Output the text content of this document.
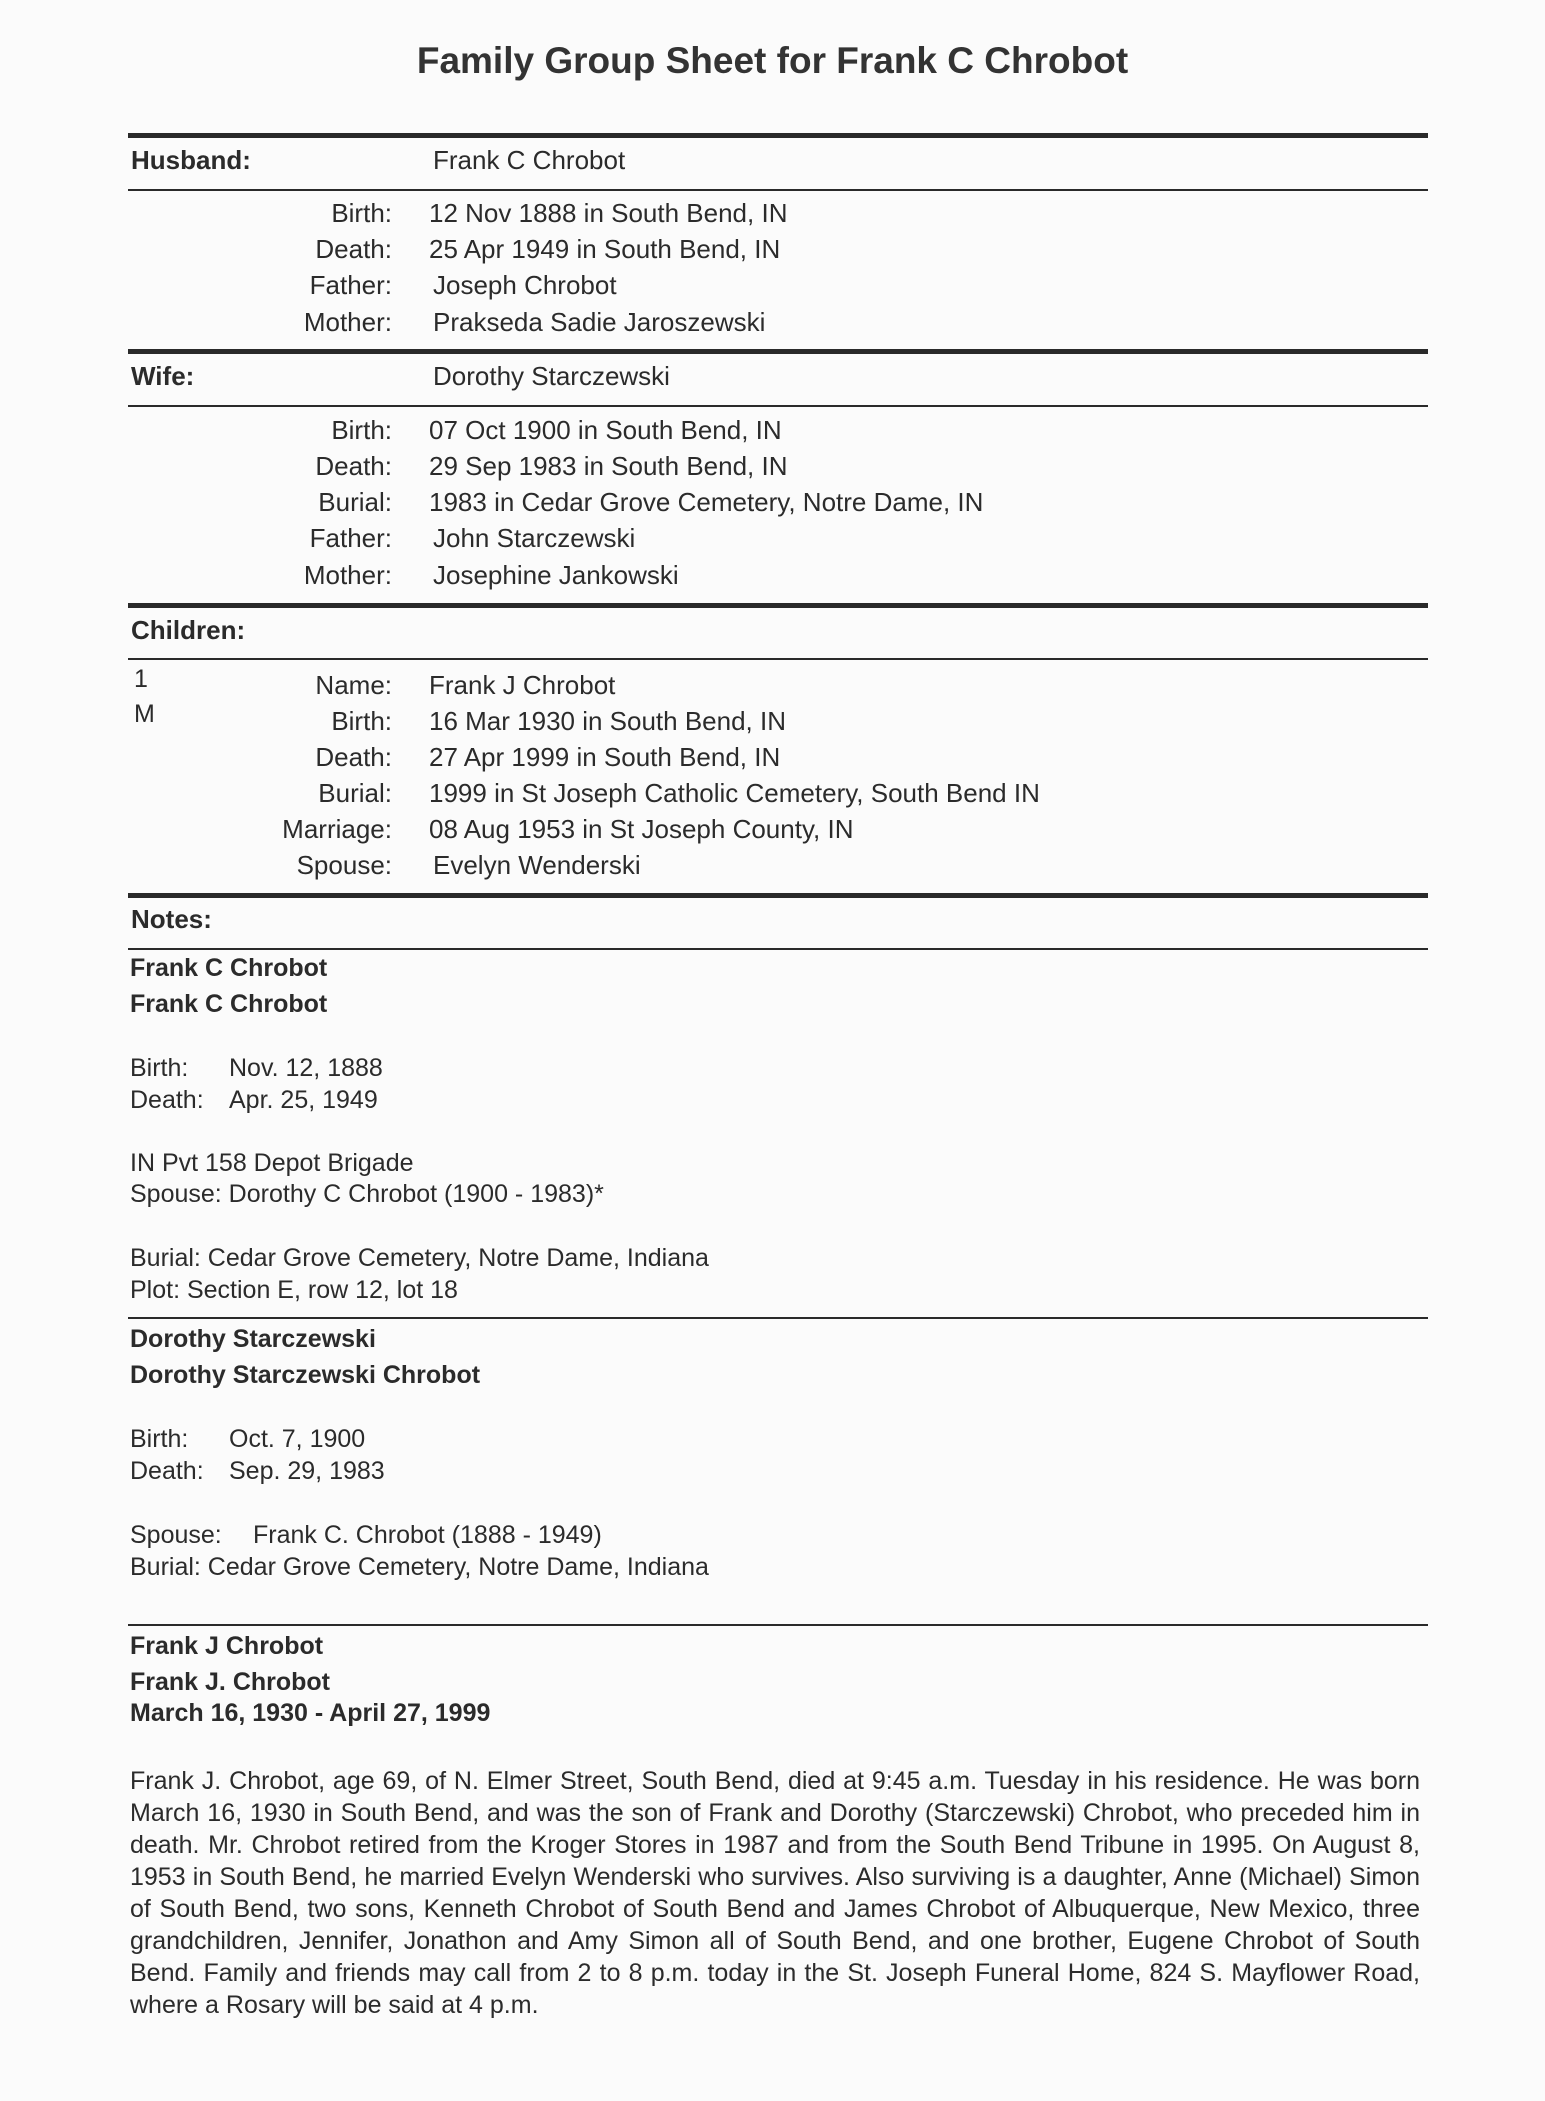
Family Group Sheet for Frank C Chrobot
Husband:	Frank C Chrobot
Birth: 12 Nov 1888 in South Bend, IN
Death: 25 Apr 1949 in South Bend, IN
Father: Joseph Chrobot
Mother: Prakseda Sadie Jaroszewski
Wife:	Dorothy Starczewski
Birth: 07 Oct 1900 in South Bend, IN
Death: 29 Sep 1983 in South Bend, IN
Burial: 1983 in Cedar Grove Cemetery, Notre Dame, IN
Father: John Starczewski
Mother: Josephine Jankowski
Children:
1
M
Name: Frank J Chrobot
Birth: 16 Mar 1930 in South Bend, IN
Death: 27 Apr 1999 in South Bend, IN
Burial: 1999 in St Joseph Catholic Cemetery, South Bend IN
Marriage: 08 Aug 1953 in St Joseph County, IN
Spouse: Evelyn Wenderski
Notes:
Frank C Chrobot
Frank C Chrobot
Birth: Nov. 12, 1888
Death: Apr. 25, 1949
IN Pvt 158 Depot Brigade
Spouse: Dorothy C Chrobot (1900 - 1983)*
Burial: Cedar Grove Cemetery, Notre Dame, Indiana
Plot: Section E, row 12, lot 18
Dorothy Starczewski
Dorothy Starczewski Chrobot
Birth: Oct. 7, 1900
Death: Sep. 29, 1983
Spouse: Frank C. Chrobot (1888 - 1949)
Burial: Cedar Grove Cemetery, Notre Dame, Indiana
Frank J Chrobot
Frank J. Chrobot
March 16, 1930 - April 27, 1999
Frank J. Chrobot, age 69, of N. Elmer Street, South Bend, died at 9:45 a.m. Tuesday in his residence. He was born March 16, 1930 in South Bend, and was the son of Frank and Dorothy (Starczewski) Chrobot, who preceded him in death. Mr. Chrobot retired from the Kroger Stores in 1987 and from the South Bend Tribune in 1995. On August 8, 1953 in South Bend, he married Evelyn Wenderski who survives. Also surviving is a daughter, Anne (Michael) Simon of South Bend, two sons, Kenneth Chrobot of South Bend and James Chrobot of Albuquerque, New Mexico, three grandchildren, Jennifer, Jonathon and Amy Simon all of South Bend, and one brother, Eugene Chrobot of South Bend. Family and friends may call from 2 to 8 p.m. today in the St. Joseph Funeral Home, 824 S. Mayflower Road, where a Rosary will be said at 4 p.m.
